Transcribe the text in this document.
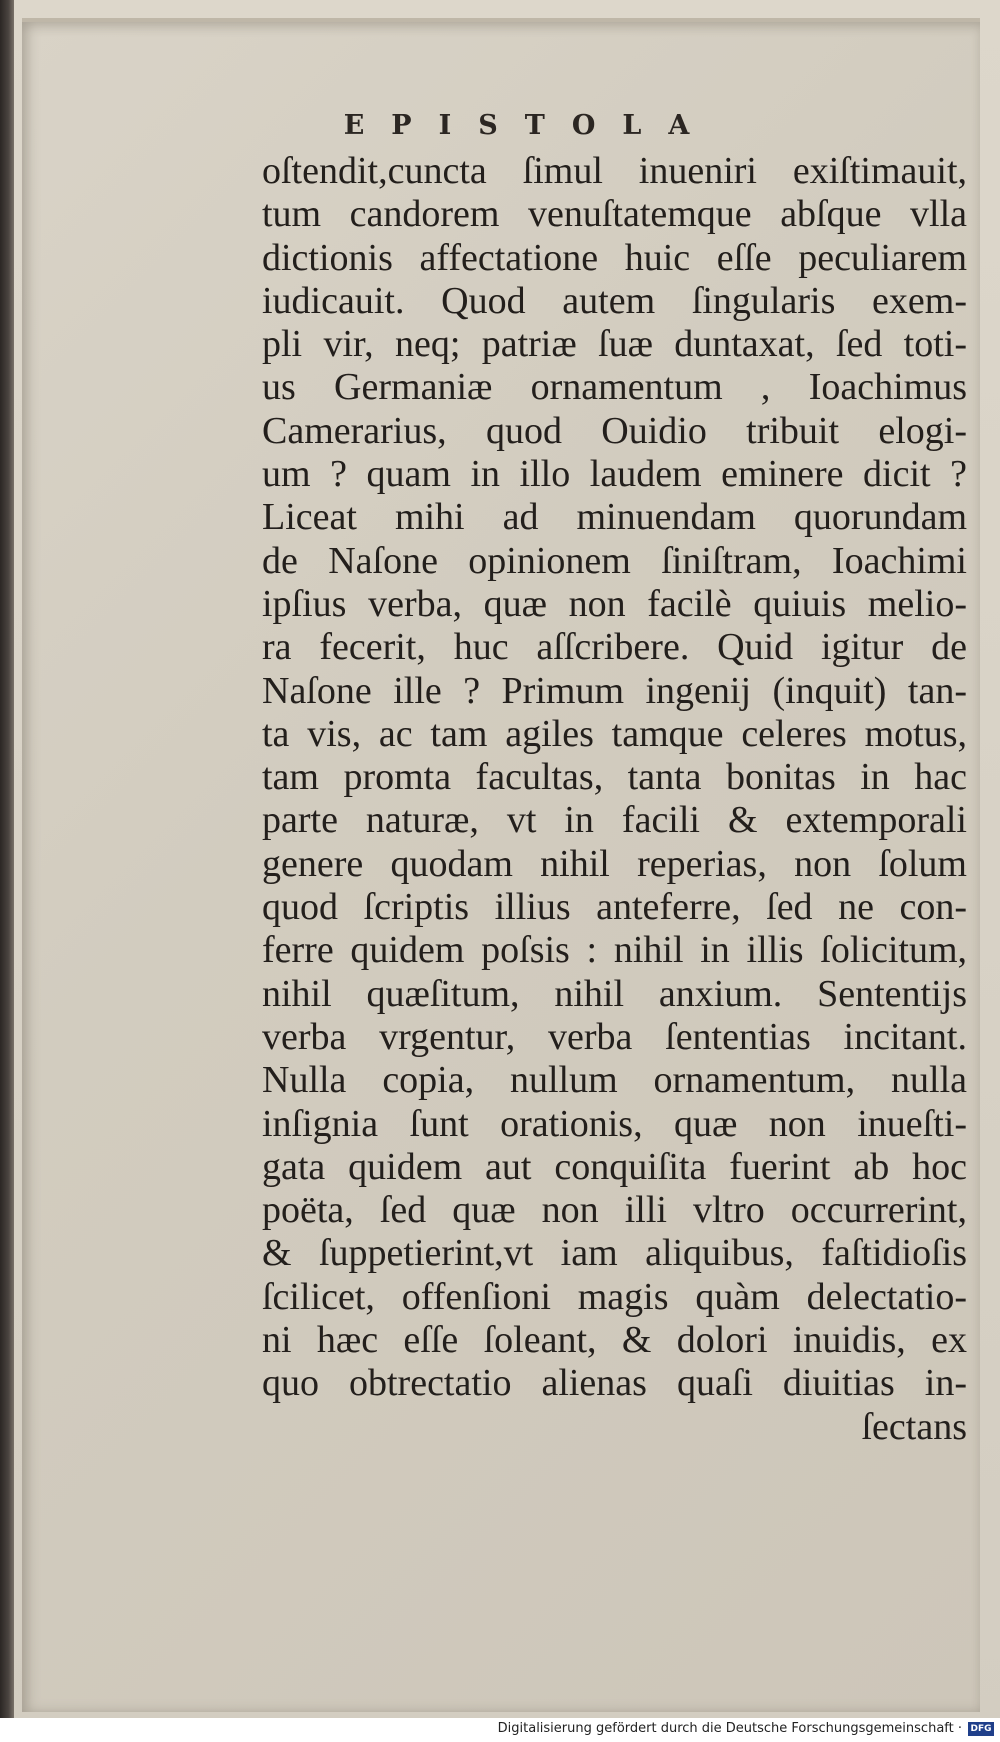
EPISTOLA
oſtendit,cuncta ſimul inueniri exiſtimauit,
tum candorem venuſtatemque abſque vlla
dictionis affectatione huic eſſe peculiarem
iudicauit. Quod autem ſingularis exem-
pli vir, neq; patriæ ſuæ duntaxat, ſed toti-
us Germaniæ ornamentum , Ioachimus
Camerarius, quod Ouidio tribuit elogi-
um ? quam in illo laudem eminere dicit ?
Liceat mihi ad minuendam quorundam
de Naſone opinionem ſiniſtram, Ioachimi
ipſius verba, quæ non facilè quiuis melio-
ra fecerit, huc aſſcribere. Quid igitur de
Naſone ille ? Primum ingenij (inquit) tan-
ta vis, ac tam agiles tamque celeres motus,
tam promta facultas, tanta bonitas in hac
parte naturæ, vt in facili & extemporali
genere quodam nihil reperias, non ſolum
quod ſcriptis illius anteferre, ſed ne con-
ferre quidem poſsis : nihil in illis ſolicitum,
nihil quæſitum, nihil anxium. Sententijs
verba vrgentur, verba ſententias incitant.
Nulla copia, nullum ornamentum, nulla
inſignia ſunt orationis, quæ non inueſti-
gata quidem aut conquiſita fuerint ab hoc
poëta, ſed quæ non illi vltro occurrerint,
& ſuppetierint,vt iam aliquibus, faſtidioſis
ſcilicet, offenſioni magis quàm delectatio-
ni hæc eſſe ſoleant, & dolori inuidis, ex
quo obtrectatio alienas quaſi diuitias in-
ſectans
Digitalisierung gefördert durch die Deutsche Forschungsgemeinschaft · DFG
